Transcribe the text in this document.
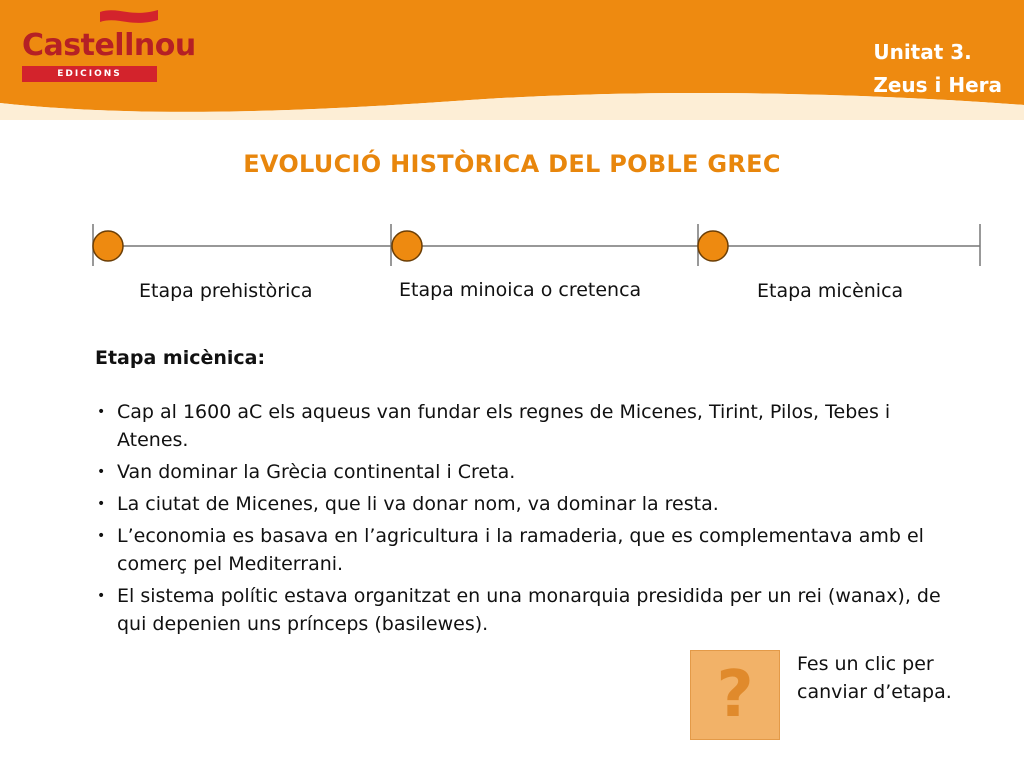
Castellnou
EDICIONS
Unitat 3.
Zeus i Hera
EVOLUCIÓ HISTÒRICA DEL POBLE GREC
Etapa prehistòrica	Etapa minoica o cretenca	Etapa micènica
Etapa micènica:
• Cap al 1600 aC els aqueus van fundar els regnes de Micenes, Tirint, Pilos, Tebes i Atenes.
• Van dominar la Grècia continental i Creta.
• La ciutat de Micenes, que li va donar nom, va dominar la resta.
• L’economia es basava en l’agricultura i la ramaderia, que es complementava amb el comerç pel Mediterrani.
• El sistema polític estava organitzat en una monarquia presidida per un rei (wanax), de qui depenien uns prínceps (basilewes).
? Fes un clic per canviar d’etapa.
